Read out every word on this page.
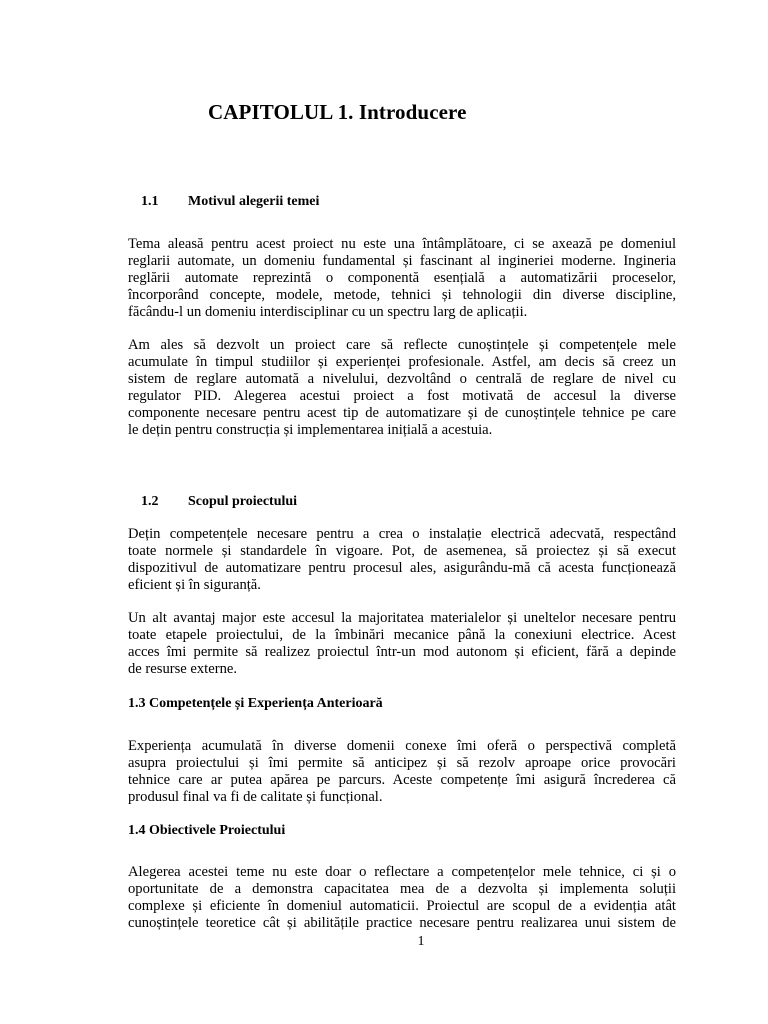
CAPITOLUL 1. Introducere
1.1 Motivul alegerii temei
Tema aleasă pentru acest proiect nu este una întâmplătoare, ci se axează pe domeniul
reglarii automate, un domeniu fundamental și fascinant al ingineriei moderne. Ingineria
reglării automate reprezintă o componentă esențială a automatizării proceselor,
încorporând concepte, modele, metode, tehnici și tehnologii din diverse discipline,
făcându-l un domeniu interdisciplinar cu un spectru larg de aplicații.
Am ales să dezvolt un proiect care să reflecte cunoștințele și competențele mele
acumulate în timpul studiilor și experienței profesionale. Astfel, am decis să creez un
sistem de reglare automată a nivelului, dezvoltând o centrală de reglare de nivel cu
regulator PID. Alegerea acestui proiect a fost motivată de accesul la diverse
componente necesare pentru acest tip de automatizare și de cunoștințele tehnice pe care
le dețin pentru construcția și implementarea inițială a acestuia.
1.2 Scopul proiectului
Dețin competențele necesare pentru a crea o instalație electrică adecvată, respectând
toate normele și standardele în vigoare. Pot, de asemenea, să proiectez și să execut
dispozitivul de automatizare pentru procesul ales, asigurându-mă că acesta funcționează
eficient și în siguranță.
Un alt avantaj major este accesul la majoritatea materialelor și uneltelor necesare pentru
toate etapele proiectului, de la îmbinări mecanice până la conexiuni electrice. Acest
acces îmi permite să realizez proiectul într-un mod autonom și eficient, fără a depinde
de resurse externe.
1.3 Competențele și Experiența Anterioară
Experiența acumulată în diverse domenii conexe îmi oferă o perspectivă completă
asupra proiectului și îmi permite să anticipez și să rezolv aproape orice provocări
tehnice care ar putea apărea pe parcurs. Aceste competențe îmi asigură încrederea că
produsul final va fi de calitate și funcțional.
1.4 Obiectivele Proiectului
Alegerea acestei teme nu este doar o reflectare a competențelor mele tehnice, ci și o
oportunitate de a demonstra capacitatea mea de a dezvolta și implementa soluții
complexe și eficiente în domeniul automaticii. Proiectul are scopul de a evidenția atât
cunoștințele teoretice cât și abilitățile practice necesare pentru realizarea unui sistem de
1
